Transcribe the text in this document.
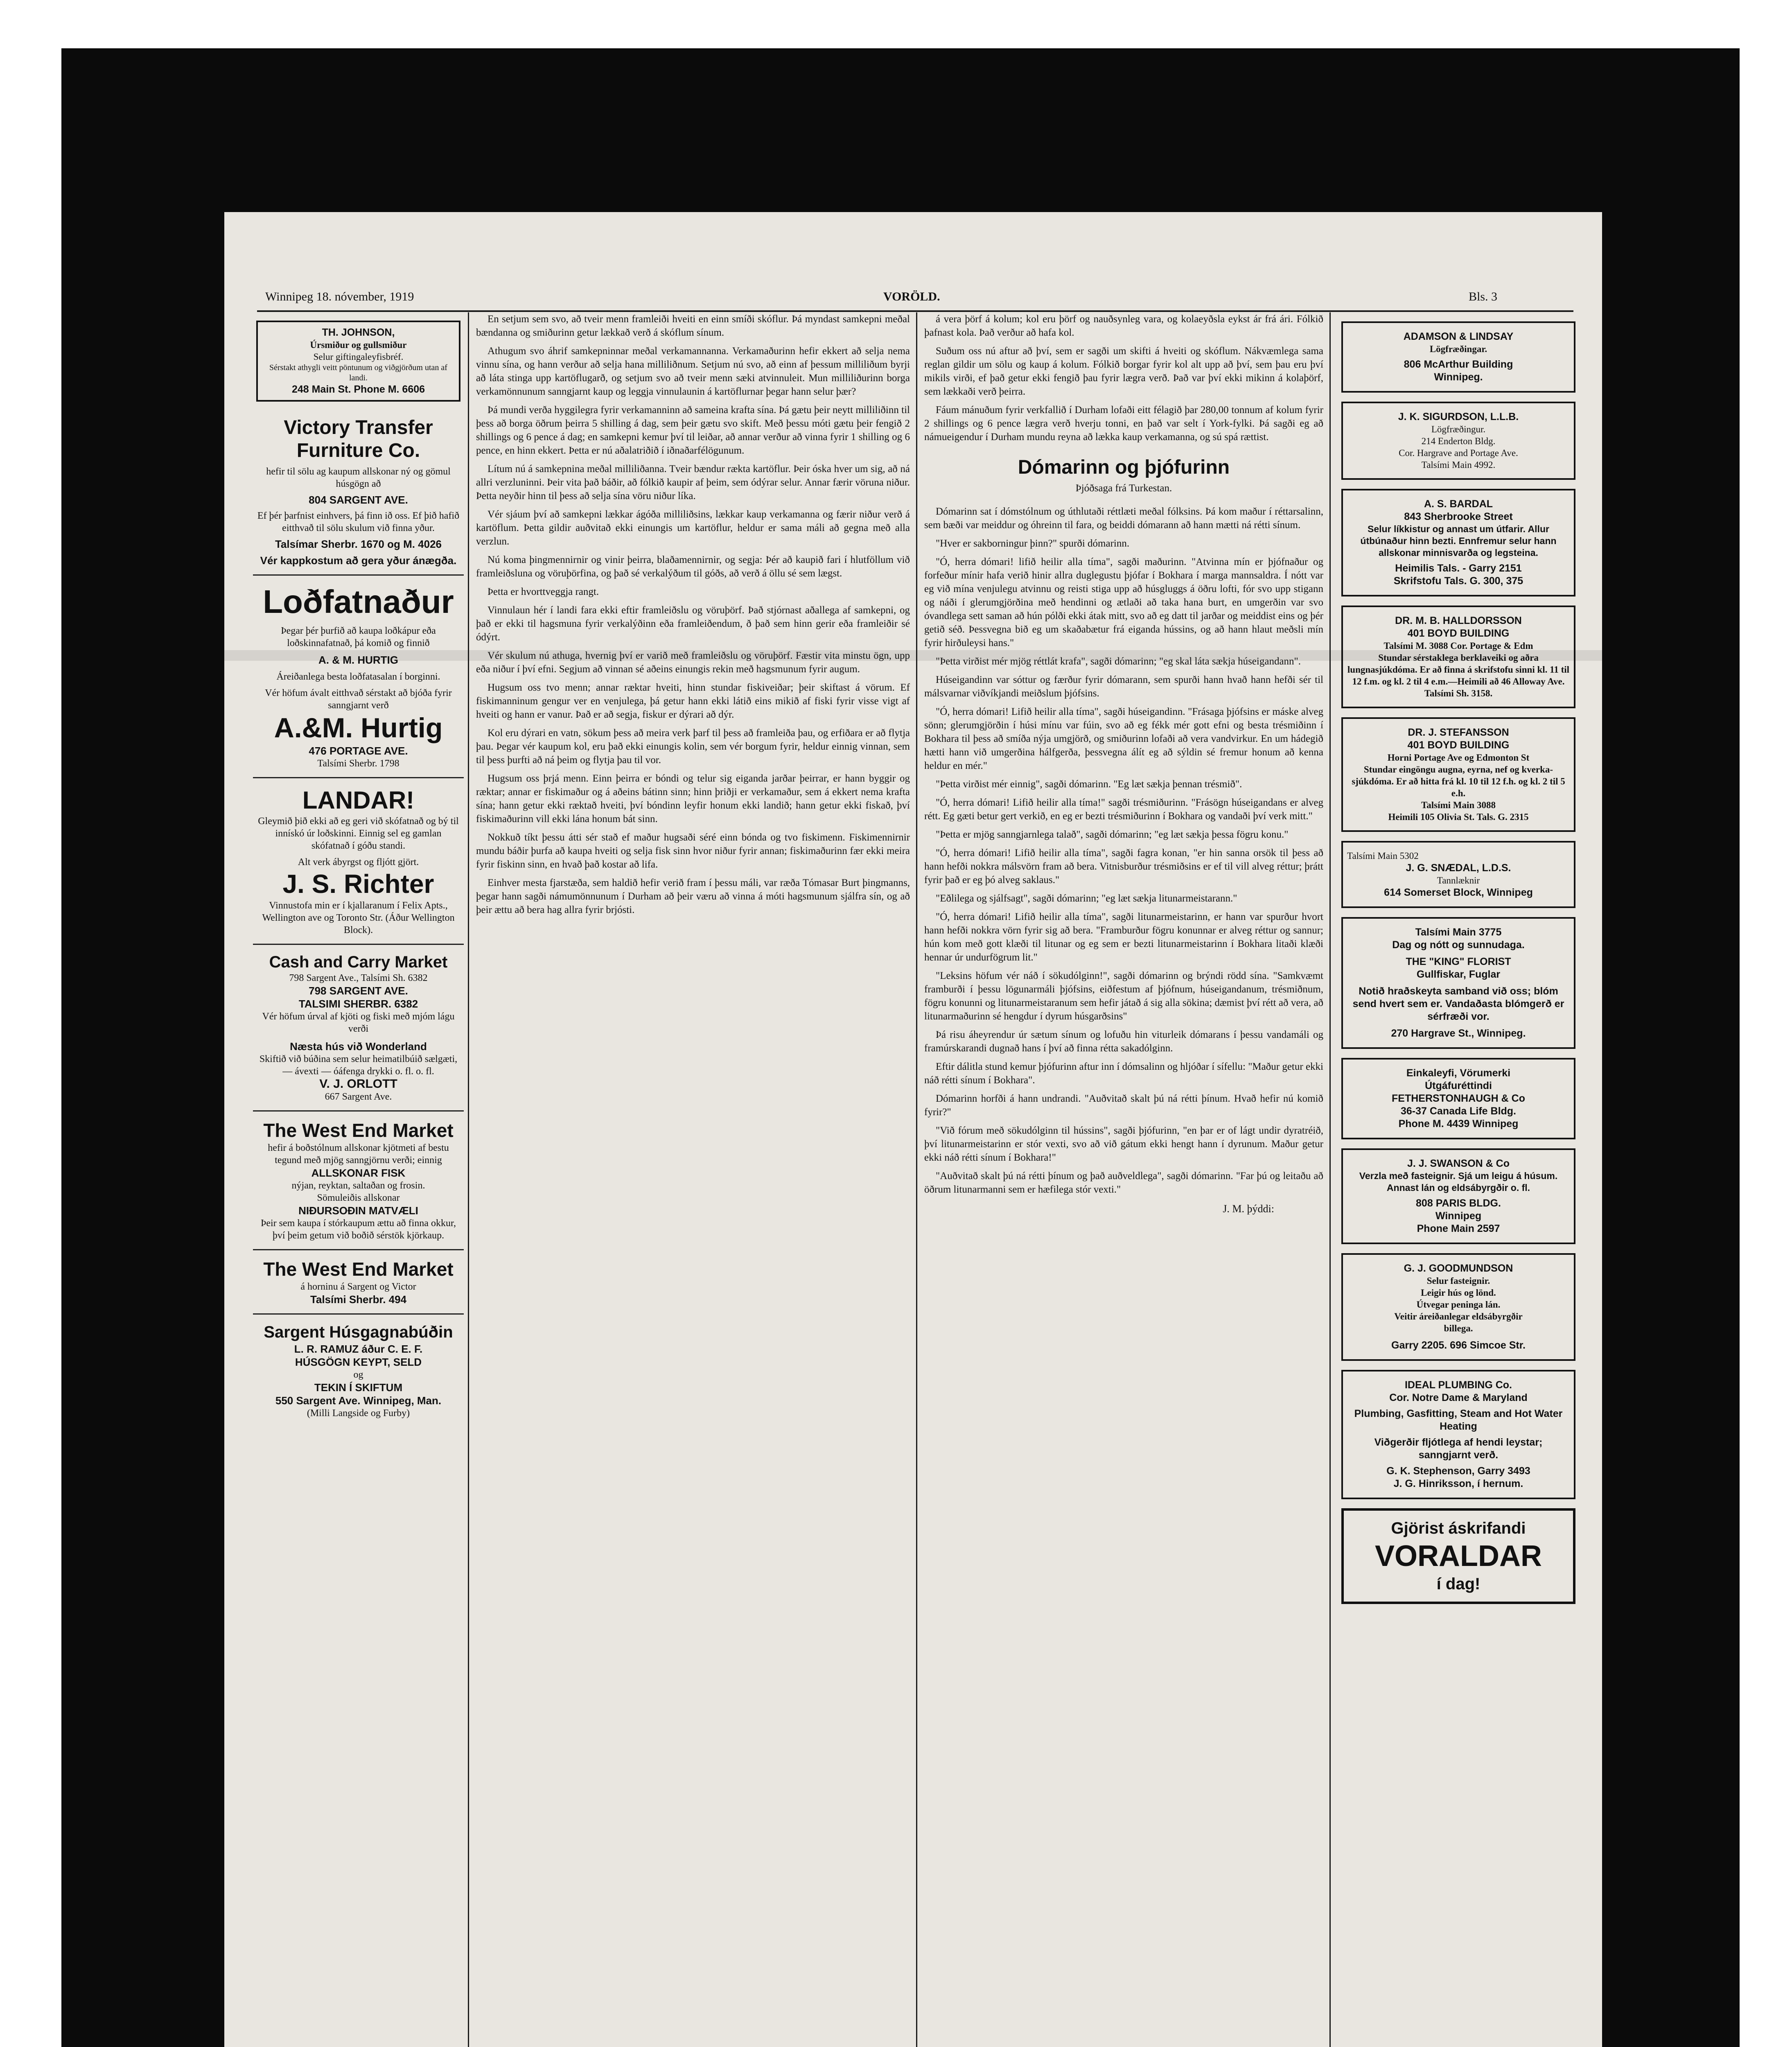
Winnipeg 18. nóvember, 1919	VORÖLD.	Bls. 3
TH. JOHNSON,
Úrsmiður og gullsmiður
Selur giftingaleyfisbréf.
Sérstakt athygli veitt pöntunum og viðgjörðum utan af landi.
248 Main St. Phone M. 6606
Victory Transfer
Furniture Co.
hefir til sölu ag kaupum allskonar ný og gömul húsgögn að
804 SARGENT AVE.
Ef þér þarfnist einhvers, þá finn ið oss. Ef þið hafið eitthvað til sölu skulum við finna yður.
Talsímar Sherbr. 1670 og M. 4026
Vér kappkostum að gera yður ánægða.
Loðfatnaður
Þegar þér þurfið að kaupa loðkápur eða loðskinnafatnað, þá komið og finnið
A. & M. HURTIG
Áreiðanlega besta loðfatasalan í borginni.
Vér höfum ávalt eitthvað sérstakt að bjóða fyrir sanngjarnt verð
A.&M. Hurtig
476 PORTAGE AVE.
Talsími Sherbr. 1798
LANDAR!
Gleymið þið ekki að eg geri við skófatnað og bý til innískó úr loðskinni. Einnig sel eg gamlan skófatnað í góðu standi.
Alt verk ábyrgst og fljótt gjört.
J. S. Richter
Vinnustofa min er í kjallaranum í Felix Apts., Wellington ave og Toronto Str. (Áður Wellington Block).
Cash and Carry Market
798 Sargent Ave., Talsími Sh. 6382
798 SARGENT AVE.
TALSIMI SHERBR. 6382
Vér höfum úrval af kjöti og fiski með mjóm lágu verði
Næsta hús við Wonderland
Skiftið við búðina sem selur heimatilbúið sælgæti, — ávexti — óáfenga drykki o. fl. o. fl.
V. J. ORLOTT
667 Sargent Ave.
The West End Market
hefir á boðstólnum allskonar kjötmeti af bestu tegund með mjög sanngjörnu verði; einnig
ALLSKONAR FISK
nýjan, reyktan, saltaðan og frosin.
Sömuleiðis allskonar
NIÐURSOÐIN MATVÆLI
Þeir sem kaupa í stórkaupum ættu að finna okkur, því þeim getum við boðið sérstök kjörkaup.
The West End Market
á horninu á Sargent og Victor
Talsími Sherbr. 494
Sargent Húsgagnabúðin
L. R. RAMUZ áður C. E. F.
HÚSGÖGN KEYPT, SELD
og
TEKIN Í SKIFTUM
550 Sargent Ave. Winnipeg, Man.
(Milli Langside og Furby)

En setjum sem svo, að tveir menn framleiði hveiti en einn smíði skóflur. Þá myndast samkepni meðal bændanna og smiðurinn getur lækkað verð á skóflum sínum.

Athugum svo áhrif samkepninnar meðal verkamannanna. Verkamaðurinn hefir ekkert að selja nema vinnu sína, og hann verður að selja hana milliliðnum. Setjum nú svo, að einn af þessum milliliðum byrji að láta stinga upp kartöflugarð, og setjum svo að tveir menn sæki atvinnuleit. Mun milliliðurinn borga verkamönnunum sanngjarnt kaup og leggja vinnulaunin á kartöflurnar þegar hann selur þær?

Þá mundi verða hyggilegra fyrir verkamanninn að sameina krafta sína. Þá gætu þeir neytt milliliðinn til þess að borga öðrum þeirra 5 shilling á dag, sem þeir gætu svo skift. Með þessu móti gætu þeir fengið 2 shillings og 6 pence á dag; en samkepni kemur því til leiðar, að annar verður að vinna fyrir 1 shilling og 6 pence, en hinn ekkert. Þetta er nú aðalatriðið í iðnaðarfélögunum.

Lítum nú á samkepnina meðal milliliðanna. Tveir bændur rækta kartöflur. Þeir óska hver um sig, að ná allri verzluninni. Þeir vita það báðir, að fólkið kaupir af þeim, sem ódýrar selur. Annar færir vöruna niður. Þetta neyðir hinn til þess að selja sína vöru niður líka.

Vér sjáum því að samkepni lækkar ágóða milliliðsins, lækkar kaup verkamanna og færir niður verð á kartöflum. Þetta gildir auðvitað ekki einungis um kartöflur, heldur er sama máli að gegna með alla verzlun.

Nú koma þingmennirnir og vinir þeirra, blaðamennirnir, og segja: Þér að kaupið fari í hlutföllum við framleiðsluna og vöruþörfina, og það sé verkalýðum til góðs, að verð á öllu sé sem lægst.

Þetta er hvorttveggja rangt.

Vinnulaun hér í landi fara ekki eftir framleiðslu og vöruþörf. Það stjórnast aðallega af samkepni, og það er ekki til hagsmuna fyrir verkalýðinn eða framleiðendum, ð það sem hinn gerir eða framleiðir sé ódýrt.

Vér skulum nú athuga, hvernig því er varið með framleiðslu og vöruþörf. Fæstir vita minstu ögn, upp eða niður í því efni. Segjum að vinnan sé aðeins einungis rekin með hagsmunum fyrir augum.

Hugsum oss tvo menn; annar ræktar hveiti, hinn stundar fiskiveiðar; þeir skiftast á vörum. Ef fiskimanninum gengur ver en venjulega, þá getur hann ekki látið eins mikið af fiski fyrir visse vigt af hveiti og hann er vanur. Það er að segja, fiskur er dýrari að dýr.

Kol eru dýrari en vatn, sökum þess að meira verk þarf til þess að framleiða þau, og erfiðara er að flytja þau. Þegar vér kaupum kol, eru það ekki einungis kolin, sem vér borgum fyrir, heldur einnig vinnan, sem til þess þurfti að ná þeim og flytja þau til vor.

Hugsum oss þrjá menn. Einn þeirra er bóndi og telur sig eiganda jarðar þeirrar, er hann byggir og ræktar; annar er fiskimaður og á aðeins bátinn sinn; hinn þriðji er verkamaður, sem á ekkert nema krafta sína; hann getur ekki ræktað hveiti, því bóndinn leyfir honum ekki landið; hann getur ekki fiskað, því fiskimaðurinn vill ekki lána honum bát sinn.

Nokkuð tíkt þessu átti sér stað ef maður hugsaði séré einn bónda og tvo fiskimenn. Fiskimennirnir mundu báðir þurfa að kaupa hveiti og selja fisk sinn hvor niður fyrir annan; fiskimaðurinn fær ekki meira fyrir fiskinn sinn, en hvað það kostar að lifa.

Einhver mesta fjarstæða, sem haldið hefir verið fram í þessu máli, var ræða Tómasar Burt þingmanns, þegar hann sagði námumönnunum í Durham að þeir væru að vinna á móti hagsmunum sjálfra sín, og að þeir ættu að bera hag allra fyrir brjósti.

á vera þörf á kolum; kol eru þörf og nauðsynleg vara, og kolaeyðsla eykst ár frá ári. Fólkið þafnast kola. Það verður að hafa kol.

Suðum oss nú aftur að því, sem er sagði um skifti á hveiti og skóflum. Nákvæmlega sama reglan gildir um sölu og kaup á kolum. Fólkið borgar fyrir kol alt upp að því, sem þau eru því mikils virði, ef það getur ekki fengið þau fyrir lægra verð. Það var því ekki mikinn á kolaþörf, sem lækkaði verð þeirra.

Fáum mánuðum fyrir verkfallið í Durham lofaði eitt félagið þar 280,00 tonnum af kolum fyrir 2 shillings og 6 pence lægra verð hverju tonni, en það var selt í York-fylki. Þá sagði eg að námueigendur í Durham mundu reyna að lækka kaup verkamanna, og sú spá rættist.

Dómarinn og þjófurinn
Þjóðsaga frá Turkestan.

Dómarinn sat í dómstólnum og úthlutaði réttlæti meðal fólksins. Þá kom maður í réttarsalinn, sem bæði var meiddur og óhreinn til fara, og beiddi dómarann að hann mætti ná rétti sínum.

"Hver er sakborningur þinn?" spurði dómarinn.

"Ó, herra dómari! lifið heilir alla tíma", sagði maðurinn. "Atvinna mín er þjófnaður og forfeður mínir hafa verið hinir allra duglegustu þjófar í Bokhara í marga mannsaldra. Í nótt var eg við mína venjulegu atvinnu og reisti stiga upp að húsgluggs á öðru lofti, fór svo upp stigann og náði í glerumgjörðina með hendinni og ætlaði að taka hana burt, en umgerðin var svo óvandlega sett saman að hún pólði ekki átak mitt, svo að eg datt til jarðar og meiddist eins og þér getið séð. Þessvegna bið eg um skaðabætur frá eiganda hússins, og að hann hlaut meðsli mín fyrir hirðuleysi hans."

"Þetta virðist mér mjög réttlát krafa", sagði dómarinn; "eg skal láta sækja húseigandann".

Húseigandinn var sóttur og færður fyrir dómarann, sem spurði hann hvað hann hefði sér til málsvarnar viðvíkjandi meiðslum þjófsins.

"Ó, herra dómari! Lifið heilir alla tíma", sagði húseigandinn. "Frásaga þjófsins er máske alveg sönn; glerumgjörðin í húsi mínu var fúin, svo að eg fékk mér gott efni og besta trésmiðinn í Bokhara til þess að smíða nýja umgjörð, og smiðurinn lofaði að vera vandvirkur. En um hádegið hætti hann við umgerðina hálfgerða, þessvegna álít eg að sýldin sé fremur honum að kenna heldur en mér."

"Þetta virðist mér einnig", sagði dómarinn. "Eg læt sækja þennan trésmið".

"Ó, herra dómari! Lifið heilir alla tíma!" sagði trésmiðurinn. "Frásögn húseigandans er alveg rétt. Eg gæti betur gert verkið, en eg er bezti trésmiðurinn í Bokhara og vandaði því verk mitt."

"Þetta er mjög sanngjarnlega talað", sagði dómarinn; "eg læt sækja þessa fögru konu."

"Ó, herra dómari! Lifið heilir alla tíma", sagði fagra konan, "er hin sanna orsök til þess að hann hefði nokkra málsvörn fram að bera. Vitnisburður trésmiðsins er ef til vill alveg réttur; þrátt fyrir það er eg þó alveg saklaus."

"Eðlilega og sjálfsagt", sagði dómarinn; "eg læt sækja litunarmeistarann."

"Ó, herra dómari! Lifið heilir alla tíma", sagði litunarmeistarinn, er hann var spurður hvort hann hefði nokkra vörn fyrir sig að bera. "Framburður fögru konunnar er alveg réttur og sannur; hún kom með gott klæði til litunar og eg sem er bezti litunarmeistarinn í Bokhara litaði klæði hennar úr undurfögrum lit."

"Leksins höfum vér náð í sökudólginn!", sagði dómarinn og brýndi rödd sína. "Samkvæmt framburði í þessu lögunarmáli þjófsins, eiðfestum af þjófnum, húseigandanum, trésmiðnum, fögru konunni og litunarmeistaranum sem hefir játað á sig alla sökina; dæmist því rétt að vera, að litunarmaðurinn sé hengdur í dyrum húsgarðsins"

Þá risu áheyrendur úr sætum sínum og lofuðu hin viturleik dómarans í þessu vandamáli og framúrskarandi dugnað hans í því að finna rétta sakadólginn.

Eftir dálitla stund kemur þjófurinn aftur inn í dómsalinn og hljóðar í sífellu: "Maður getur ekki náð rétti sínum í Bokhara".

Dómarinn horfði á hann undrandi. "Auðvitað skalt þú ná rétti þínum. Hvað hefir nú komið fyrir?"

"Við fórum með sökudólginn til hússins", sagði þjófurinn, "en þar er of lágt undir dyratréið, því litunarmeistarinn er stór vexti, svo að við gátum ekki hengt hann í dyrunum. Maður getur ekki náð rétti sínum í Bokhara!"

"Auðvitað skalt þú ná rétti þínum og það auðveldlega", sagði dómarinn. "Far þú og leitaðu að öðrum litunarmanni sem er hæfilega stór vexti."

J. M. þýddi:
ADAMSON & LINDSAY
Lögfræðingar.
806 McArthur Building
Winnipeg.
J. K. SIGURDSON, L.L.B.
Lögfræðingur.
214 Enderton Bldg.
Cor. Hargrave and Portage Ave.
Talsími Main 4992.
A. S. BARDAL
843 Sherbrooke Street
Selur líkkistur og annast um útfarir. Allur útbúnaður hinn bezti. Ennfremur selur hann allskonar minnisvarða og legsteina.
Heimilis Tals. - Garry 2151
Skrifstofu Tals. G. 300, 375
DR. M. B. HALLDORSSON
401 BOYD BUILDING
Talsími M. 3088 Cor. Portage & Edm
Stundar sérstaklega berklaveiki og aðra lungnasjúkdóma. Er að finna á skrifstofu sinni kl. 11 til 12 f.m. og kl. 2 til 4 e.m.—Heimili að 46 Alloway Ave. Talsími Sh. 3158.
DR. J. STEFANSSON
401 BOYD BUILDING
Horni Portage Ave og Edmonton St
Stundar eingöngu augna, eyrna, nef og kverka-sjúkdóma. Er að hitta frá kl. 10 til 12 f.h. og kl. 2 til 5 e.h.
Talsími Main 3088
Heimili 105 Olivia St. Tals. G. 2315
Talsími Main 5302
J. G. SNÆDAL, L.D.S.
Tannlæknir
614 Somerset Block, Winnipeg
Talsími Main 3775
Dag og nótt og sunnudaga.
THE "KING" FLORIST
Gullfiskar, Fuglar
Notið hraðskeyta samband við oss; blóm send hvert sem er. Vandaðasta blómgerð er sérfræði vor.
270 Hargrave St., Winnipeg.
Einkaleyfi, Vörumerki
Útgáfuréttindi
FETHERSTONHAUGH & Co
36-37 Canada Life Bldg.
Phone M. 4439 Winnipeg
J. J. SWANSON & Co
Verzla með fasteignir. Sjá um leigu á húsum. Annast lán og eldsábyrgðir o. fl.
808 PARIS BLDG.
Winnipeg
Phone Main 2597
G. J. GOODMUNDSON
Selur fasteignir.
Leigir hús og lönd.
Útvegar peninga lán.
Veitir áreiðanlegar eldsábyrgðir
billega.
Garry 2205. 696 Simcoe Str.
IDEAL PLUMBING Co.
Cor. Notre Dame & Maryland
Plumbing, Gasfitting, Steam and Hot Water Heating
Viðgerðir fljótlega af hendi leystar; sanngjarnt verð.
G. K. Stephenson, Garry 3493
J. G. Hinriksson, í hernum.
Gjörist áskrifandi
VORALDAR
í dag!
